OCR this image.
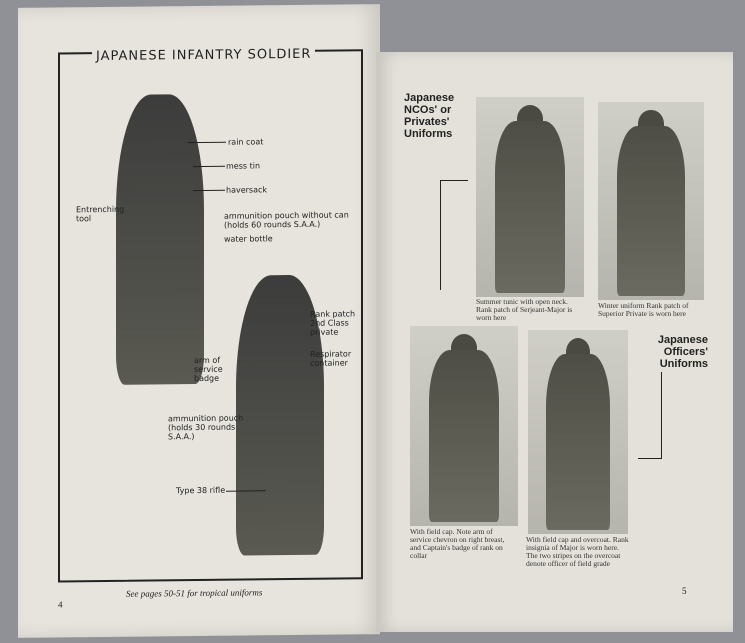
JAPANESE INFANTRY SOLDIER
rain coat
mess tin
haversack
Entrenching tool	ammunition pouch without can (holds 60 rounds S.A.A.)
water bottle
Rank patch 2nd Class private
Respirator container
arm of service badge
ammunition pouch (holds 30 rounds S.A.A.)
Type 38 rifle
See pages 50-51 for tropical uniforms
4
Japanese NCOs' or Privates' Uniforms
Summer tunic with open neck. Rank patch of Serjeant-Major is worn here
Winter uniform Rank patch of Superior Private is worn here
Japanese Officers' Uniforms
With field cap. Note arm of service chevron on right breast, and Captain's badge of rank on collar
With field cap and overcoat. Rank insignia of Major is worn here. The two stripes on the overcoat denote officer of field grade
5
